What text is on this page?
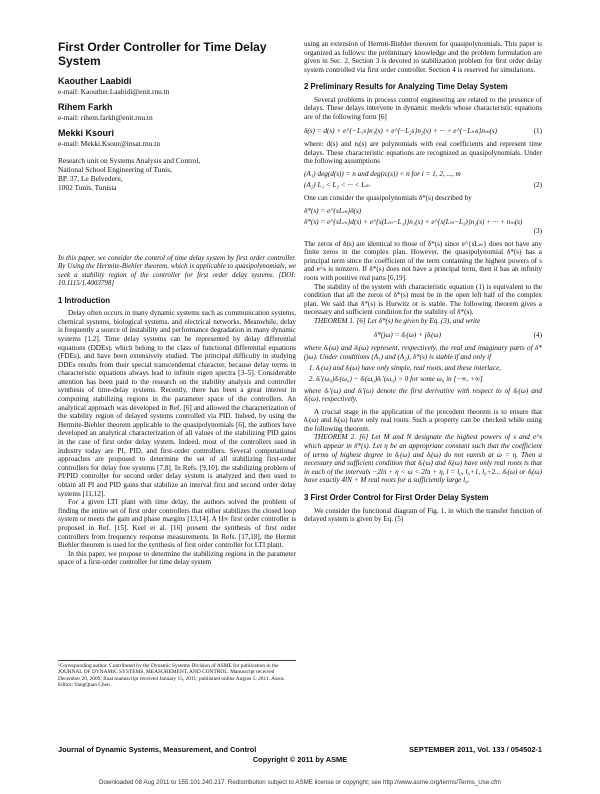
First Order Controller for Time Delay System
Kaouther Laabidi
e-mail: Kaouther.Laabidi@enit.rnu.tn
Rihem Farkh
e-mail: rihem.farkh@enit.rnu.tn
Mekki Ksouri
e-mail: Mekki.Ksour@insat.rnu.tn
Research unit on Systems Analysis and Control,
National School Engineering of Tunis,
BP. 37, Le Belvedere,
1002 Tunis, Tunisia
In this paper, we consider the control of time delay system by first order controller. By Using the Hermite-Biehler theorem, which is applicable to quasipolynomials, we seek a stability region of the controller for first order delay systems. [DOI: 10.1115/1.4003798]
1 Introduction

Delay often occurs in many dynamic systems such as communication systems, chemical systems, biological systems, and electrical networks. Meanwhile, delay is frequently a source of instability and performance degradation in many dynamic systems [1,2]. Time delay systems can be represented by delay differential equations (DDEs), which belong to the class of functional differential equations (FDEs), and have been extensively studied. The principal difficulty in studying DDEs results from their special transcendental character, because delay terms in characteristic equations always lead to infinite eigen spectra [3–5]. Considerable attention has been paid to the research on the stability analysis and controller synthesis of time-delay systems. Recently, there has been a great interest in computing stabilizing regions in the parameter space of the controllers. An analytical approach was developed in Ref. [6] and allowed the characterization of the stability region of delayed systems controlled via PID. Indeed, by using the Hermite-Biehler theorem applicable to the quasipolynomials [6], the authors have developed an analytical characterization of all values of the stabilizing PID gains in the case of first order delay system. Indeed, most of the controllers used in industry today are PI, PID, and first-order controllers. Several computational approaches are proposed to determine the set of all stabilizing first-order controllers for delay free systems [7,8]. In Refs. [9,10], the stabilizing problem of PI/PID controller for second order delay system is analyzed and then used to obtain all PI and PID gains that stabilize an interval first and second order delay systems [11,12].

For a given LTI plant with time delay, the authors solved the problem of finding the entire set of first order controllers that either stabilizes the closed loop system or meets the gain and phase margins [13,14]. A H∞ first order controller is proposed in Ref. [15]. Keel et al. [16] present the synthesis of first order controllers from frequency response measurements. In Refs. [17,18], the Hermit Biehler theorem is used for the synthesis of first order controller for LTI plant.

In this paper, we propose to determine the stabilizing regions in the parameter space of a first-order controller for time delay system

¹Corresponding author. Contributed by the Dynamic Systems Division of ASME for publication in the JOURNAL OF DYNAMIC SYSTEMS, MEASUREMENT, AND CONTROL. Manuscript received December 20, 2009; final manuscript received January 15, 2011; published online August 5, 2011. Assoc. Editor: YangQuan Chen.

using an extension of Hermit-Biehler theorem for quasipolynomials. This paper is organized as follows: the preliminary knowledge and the problem formulation are given in Sec. 2. Section 3 is devoted to stabilization problem for first order delay system controlled via first order controller. Section 4 is reserved for simulations.

2 Preliminary Results for Analyzing Time Delay System

Several problems in process control engineering are related to the presence of delays. These delays intervene in dynamic models whose characteristic equations are of the following form [6]

δ(s) = d(s) + e^{−L₁s}n₁(s) + e^{−L₂s}n₂(s) + ··· + e^{−Lₘs}nₘ(s)	(1)

where: d(s) and nᵢ(s) are polynomials with real coefficients and represent time delays. These characteristic equations are recognized as quasipolynomials. Under the following assumptions

(A₁) deg(d(s)) = n and deg(nᵢ(s)) < n for i = 1, 2, ..., m
(A₂) L₁ < L₂ < ··· < Lₘ	(2)

One can consider the quasipolynomials δ*(s) described by

δ*(s) = e^{sLₘ}δ(s)
δ*(s) = e^{sLₘ}d(s) + e^{s(Lₘ−L₁)}n₁(s) + e^{s(Lₘ−L₂)}n₂(s) + ··· + nₘ(s)
(3)

The zeros of δ(s) are identical to those of δ*(s) since e^{sLₘ} does not have any finite zeros in the complex plan. However, the quasipolynomial δ*(s) has a principal term since the coefficient of the term containing the highest powers of s and e^s is nonzero. If δ*(s) does not have a principal term, then it has an infinity roots with positive real parts [6,19].

The stability of the system with characteristic equation (1) is equivalent to the condition that all the zeros of δ*(s) must be in the open left half of the complex plan. We said that δ*(s) is Hurwitz or is stable. The following theorem gives a necessary and sufficient condition for the stability of δ*(s).

THEOREM 1. [6] Let δ*(s) be given by Eq. (3), and write

δ*(jω) = δᵣ(ω) + jδᵢ(ω)	(4)

where δᵣ(ω) and δᵢ(ω) represent, respectively, the real and imaginary parts of δ*(jω). Under conditions (A₁) and (A₂), δ*(s) is stable if and only if

1. δᵣ(ω) and δᵢ(ω) have only simple, real roots, and these interlace,
2. δᵢ′(ω₀)δᵣ(ω₀) − δᵢ(ω₀)δᵣ′(ω₀) > 0 for some ω₀ in [−∞, +∞]

where δᵣ′(ω) and δᵢ′(ω) denote the first derivative with respect to of δᵣ(ω) and δᵢ(ω), respectively.

A crucial stage in the application of the precedent theorem is to ensure that δᵣ(ω) and δᵢ(ω) have only real roots. Such a property can be checked while using the following theorem.

THEOREM 2. [6] Let M and N designate the highest powers of s and e^s which appear in δ*(s). Let η be an appropriate constant such that the coefficient of terms of highest degree in δᵣ(ω) and δᵢ(ω) do not vanish at ω = η. Then a necessary and sufficient condition that δᵣ(ω) and δᵢ(ω) have only real roots is that in each of the intervals −2lπ + η < ω < 2lπ + η, l = l₀, l₀+1, l₀+2... δᵣ(ω) or δᵢ(ω) have exactly 4lN + M real roots for a sufficiently large l₀.

3 First Order Control for First Order Delay System

We consider the functional diagram of Fig. 1, in which the transfer function of delayed system is given by Eq. (5)

Journal of Dynamic Systems, Measurement, and Control	SEPTEMBER 2011, Vol. 133 / 054502-1
Copyright © 2011 by ASME
Downloaded 08 Aug 2011 to 155.101.240.217. Redistribution subject to ASME license or copyright; see http://www.asme.org/terms/Terms_Use.cfm
